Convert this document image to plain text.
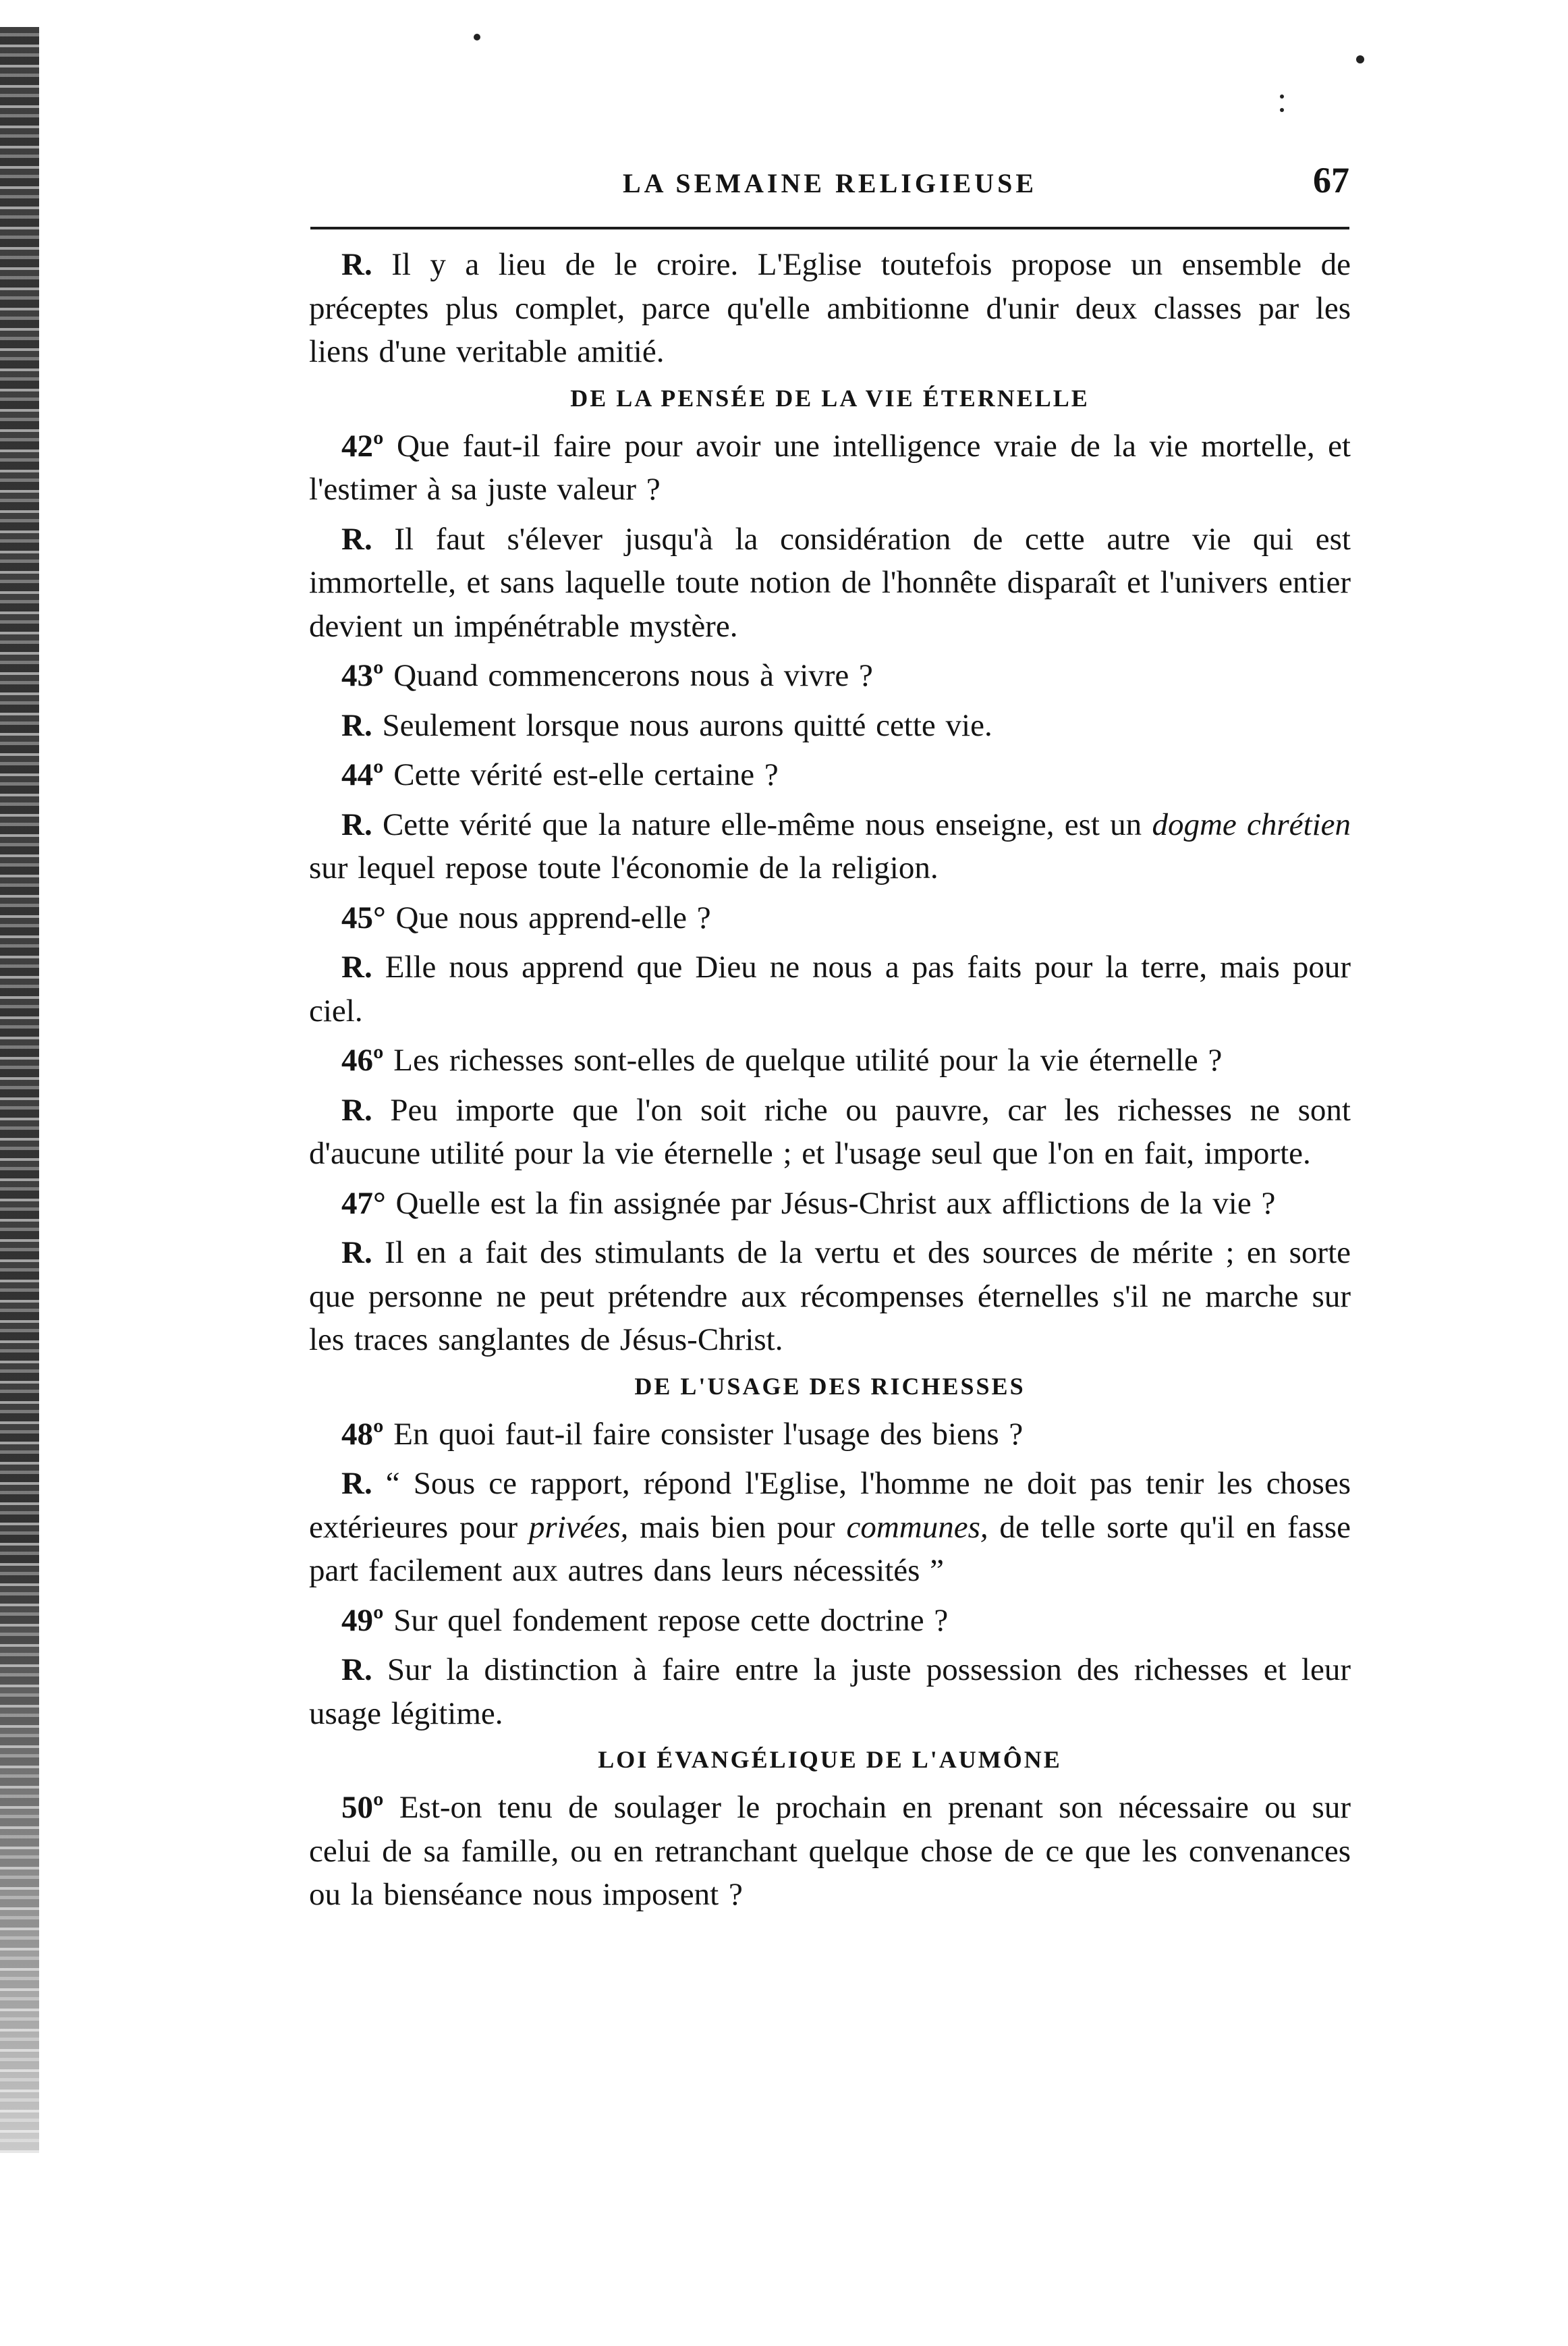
LA SEMAINE RELIGIEUSE	67

R. Il y a lieu de le croire. L'Eglise toutefois propose un ensemble de préceptes plus complet, parce qu'elle ambitionne d'unir deux classes par les liens d'une veritable amitié.

DE LA PENSÉE DE LA VIE ÉTERNELLE

42º Que faut-il faire pour avoir une intelligence vraie de la vie mortelle, et l'estimer à sa juste valeur ?

R. Il faut s'élever jusqu'à la considération de cette autre vie qui est immortelle, et sans laquelle toute notion de l'honnête disparaît et l'univers entier devient un impénétrable mystère.

43º Quand commencerons nous à vivre ?

R. Seulement lorsque nous aurons quitté cette vie.

44º Cette vérité est-elle certaine ?

R. Cette vérité que la nature elle-même nous enseigne, est un dogme chrétien sur lequel repose toute l'économie de la religion.

45° Que nous apprend-elle ?

R. Elle nous apprend que Dieu ne nous a pas faits pour la terre, mais pour ciel.

46º Les richesses sont-elles de quelque utilité pour la vie éternelle ?

R. Peu importe que l'on soit riche ou pauvre, car les richesses ne sont d'aucune utilité pour la vie éternelle ; et l'usage seul que l'on en fait, importe.

47° Quelle est la fin assignée par Jésus-Christ aux afflictions de la vie ?

R. Il en a fait des stimulants de la vertu et des sources de mérite ; en sorte que personne ne peut prétendre aux récompenses éternelles s'il ne marche sur les traces sanglantes de Jésus-Christ.

DE L'USAGE DES RICHESSES

48º En quoi faut-il faire consister l'usage des biens ?

R. “ Sous ce rapport, répond l'Eglise, l'homme ne doit pas tenir les choses extérieures pour privées, mais bien pour communes, de telle sorte qu'il en fasse part facilement aux autres dans leurs nécessités ”

49º Sur quel fondement repose cette doctrine ?

R. Sur la distinction à faire entre la juste possession des richesses et leur usage légitime.

LOI ÉVANGÉLIQUE DE L'AUMÔNE

50º Est-on tenu de soulager le prochain en prenant son nécessaire ou sur celui de sa famille, ou en retranchant quelque chose de ce que les convenances ou la bienséance nous imposent ?
